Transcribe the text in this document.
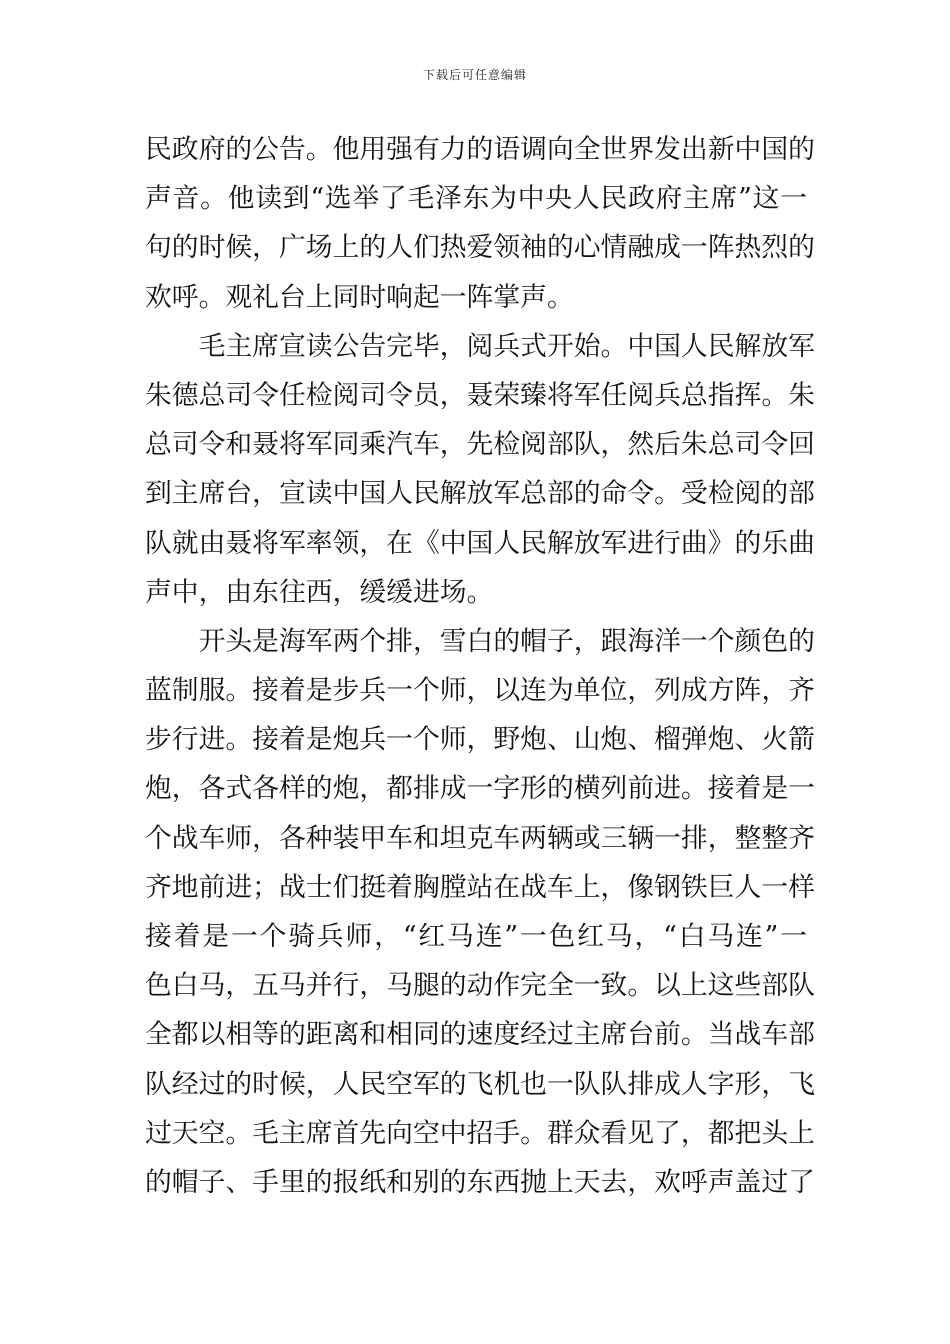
下载后可任意编辑
民政府的公告。他用强有力的语调向全世界发出新中国的
声音。他读到“选举了毛泽东为中央人民政府主席”这一
句的时候，广场上的人们热爱领袖的心情融成一阵热烈的
欢呼。观礼台上同时响起一阵掌声。
毛主席宣读公告完毕，阅兵式开始。中国人民解放军
朱德总司令任检阅司令员，聂荣臻将军任阅兵总指挥。朱
总司令和聂将军同乘汽车，先检阅部队，然后朱总司令回
到主席台，宣读中国人民解放军总部的命令。受检阅的部
队就由聂将军率领，在《中国人民解放军进行曲》的乐曲
声中，由东往西，缓缓进场。
开头是海军两个排，雪白的帽子，跟海洋一个颜色的
蓝制服。接着是步兵一个师，以连为单位，列成方阵，齐
步行进。接着是炮兵一个师，野炮、山炮、榴弹炮、火箭
炮，各式各样的炮，都排成一字形的横列前进。接着是一
个战车师，各种装甲车和坦克车两辆或三辆一排，整整齐
齐地前进；战士们挺着胸膛站在战车上，像钢铁巨人一样
接着是一个骑兵师，“红马连”一色红马，“白马连”一
色白马，五马并行，马腿的动作完全一致。以上这些部队
全都以相等的距离和相同的速度经过主席台前。当战车部
队经过的时候，人民空军的飞机也一队队排成人字形，飞
过天空。毛主席首先向空中招手。群众看见了，都把头上
的帽子、手里的报纸和别的东西抛上天去，欢呼声盖过了
